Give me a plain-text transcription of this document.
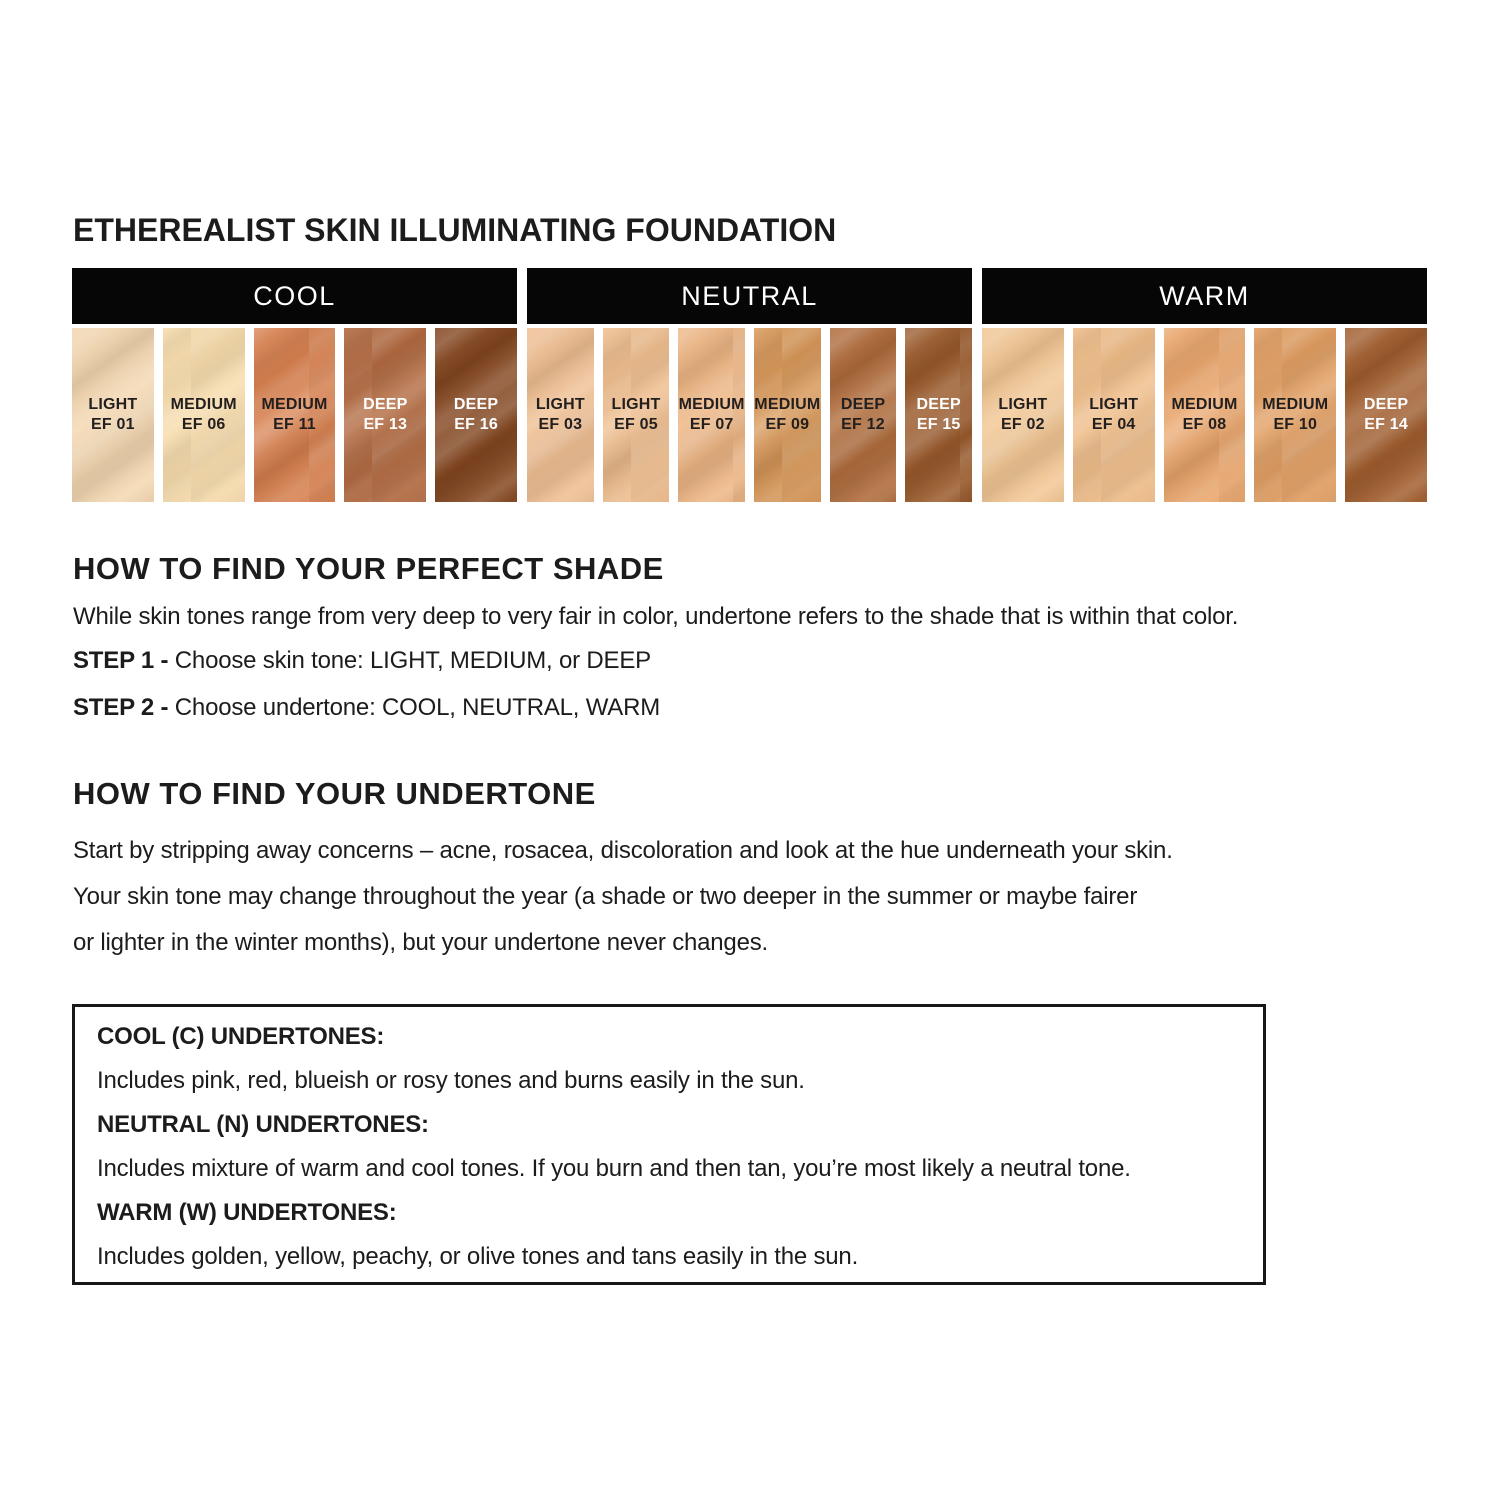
ETHEREALIST SKIN ILLUMINATING FOUNDATION
COOL
LIGHT
EF 01
MEDIUM
EF 06
MEDIUM
EF 11
DEEP
EF 13
DEEP
EF 16
NEUTRAL
LIGHT
EF 03
LIGHT
EF 05
MEDIUM
EF 07
MEDIUM
EF 09
DEEP
EF 12
DEEP
EF 15
WARM
LIGHT
EF 02
LIGHT
EF 04
MEDIUM
EF 08
MEDIUM
EF 10
DEEP
EF 14
HOW TO FIND YOUR PERFECT SHADE

While skin tones range from very deep to very fair in color, undertone refers to the shade that is within that color.

STEP 1 - Choose skin tone: LIGHT, MEDIUM, or DEEP

STEP 2 - Choose undertone: COOL, NEUTRAL, WARM

HOW TO FIND YOUR UNDERTONE
Start by stripping away concerns – acne, rosacea, discoloration and look at the hue underneath your skin.
Your skin tone may change throughout the year (a shade or two deeper in the summer or maybe fairer
or lighter in the winter months), but your undertone never changes.

COOL (C) UNDERTONES:

Includes pink, red, blueish or rosy tones and burns easily in the sun.

NEUTRAL (N) UNDERTONES:

Includes mixture of warm and cool tones. If you burn and then tan, you’re most likely a neutral tone.

WARM (W) UNDERTONES:

Includes golden, yellow, peachy, or olive tones and tans easily in the sun.
